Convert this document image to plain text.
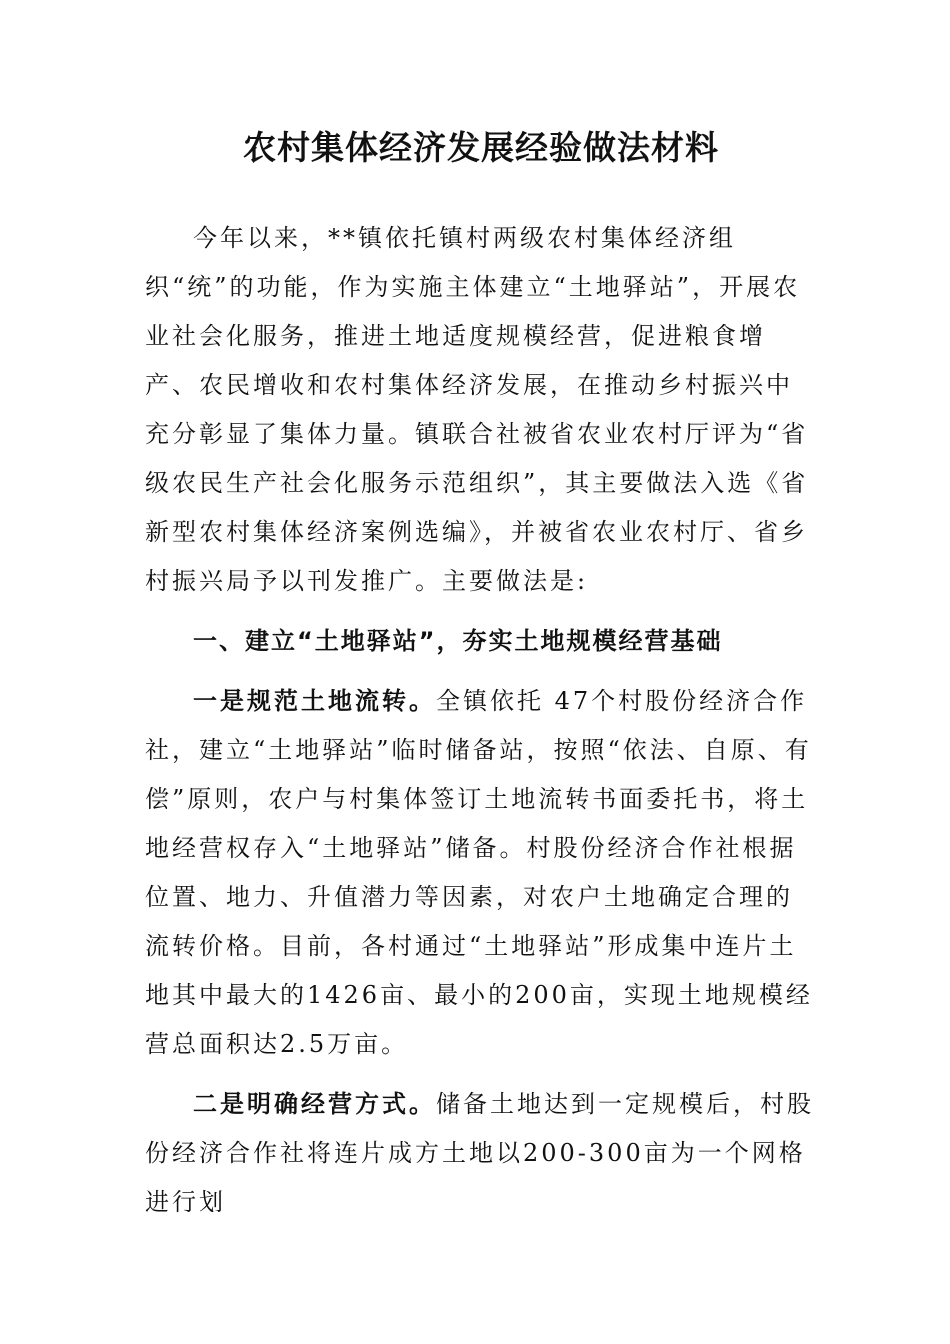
农村集体经济发展经验做法材料

今年以来，**镇依托镇村两级农村集体经济组织“统”的功能，作为实施主体建立“土地驿站”，开展农业社会化服务，推进土地适度规模经营，促进粮食增产、农民增收和农村集体经济发展，在推动乡村振兴中充分彰显了集体力量。镇联合社被省农业农村厅评为“省级农民生产社会化服务示范组织”，其主要做法入选《省新型农村集体经济案例选编》，并被省农业农村厅、省乡村振兴局予以刊发推广。主要做法是:

一、建立“土地驿站”，夯实土地规模经营基础

一是规范土地流转。全镇依托 47个村股份经济合作社，建立“土地驿站”临时储备站，按照“依法、自原、有偿”原则，农户与村集体签订土地流转书面委托书，将土地经营权存入“土地驿站”储备。村股份经济合作社根据位置、地力、升值潜力等因素，对农户土地确定合理的流转价格。目前，各村通过“土地驿站”形成集中连片土地其中最大的1426亩、最小的200亩，实现土地规模经营总面积达2.5万亩。

二是明确经营方式。储备土地达到一定规模后，村股份经济合作社将连片成方土地以200-300亩为一个网格进行划
